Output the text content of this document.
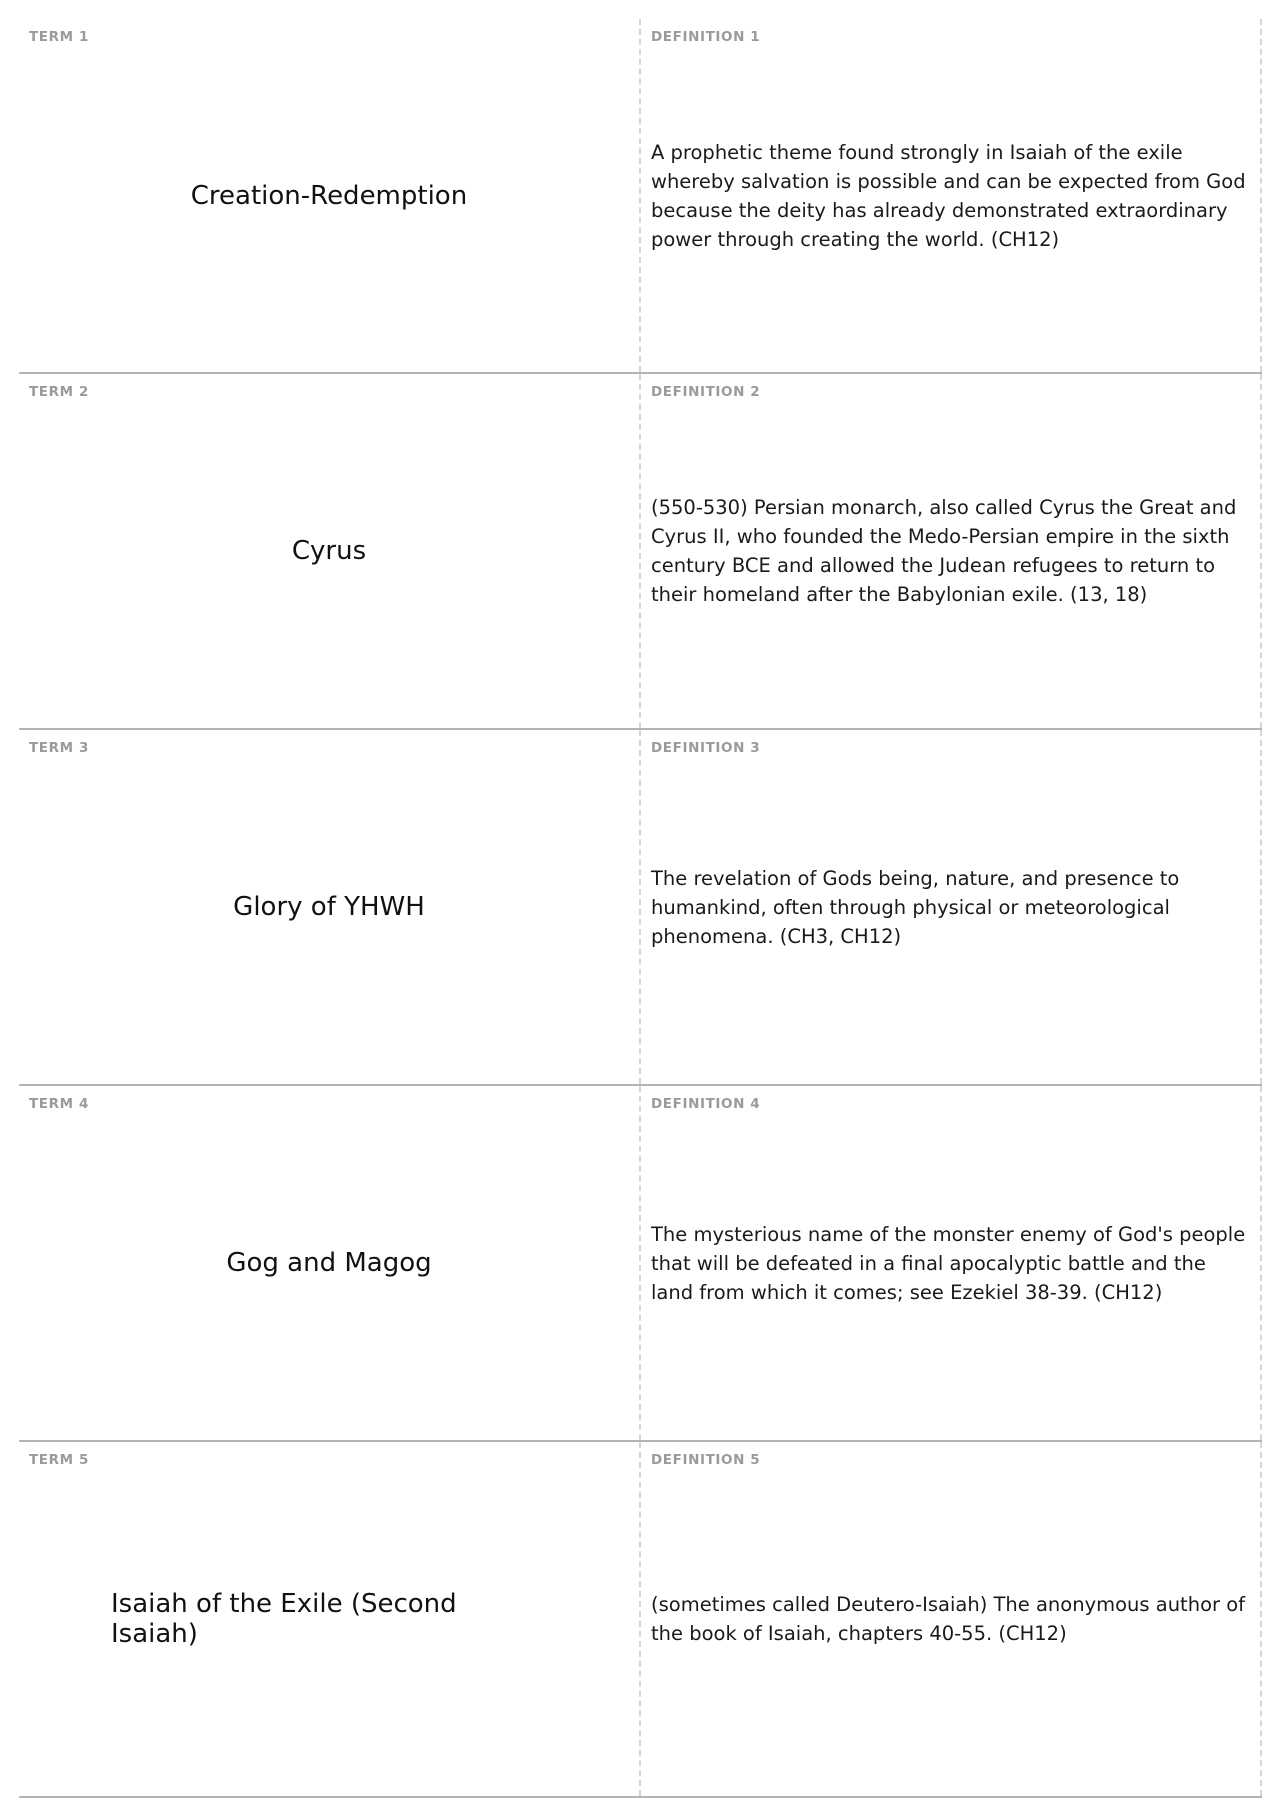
TERM 1
Creation-Redemption
DEFINITION 1
A prophetic theme found strongly in Isaiah of the exile whereby salvation is possible and can be expected from God because the deity has already demonstrated extraordinary power through creating the world. (CH12)
TERM 2
Cyrus
DEFINITION 2
(550-530) Persian monarch, also called Cyrus the Great and Cyrus II, who founded the Medo-Persian empire in the sixth century BCE and allowed the Judean refugees to return to their homeland after the Babylonian exile. (13, 18)
TERM 3
Glory of YHWH
DEFINITION 3
The revelation of Gods being, nature, and presence to humankind, often through physical or meteorological phenomena. (CH3, CH12)
TERM 4
Gog and Magog
DEFINITION 4
The mysterious name of the monster enemy of God's people that will be defeated in a final apocalyptic battle and the land from which it comes; see Ezekiel 38-39. (CH12)
TERM 5
Isaiah of the Exile (Second Isaiah)
DEFINITION 5
(sometimes called Deutero-Isaiah) The anonymous author of the book of Isaiah, chapters 40-55. (CH12)
